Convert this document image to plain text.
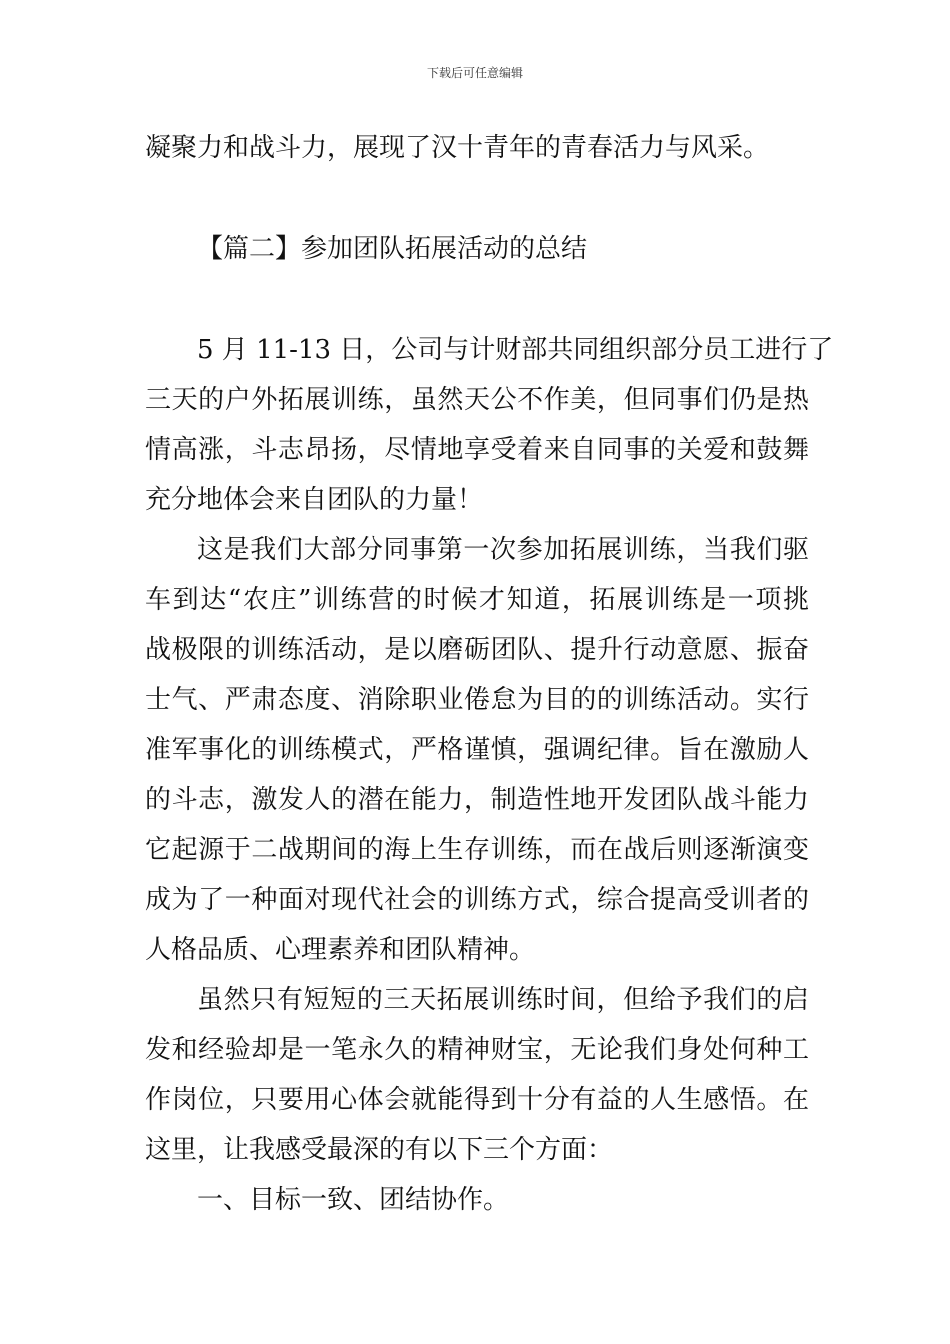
下载后可任意编辑
凝聚力和战斗力，展现了汉十青年的青春活力与风采。
【篇二】参加团队拓展活动的总结
5 月 11-13 日，公司与计财部共同组织部分员工进行了
三天的户外拓展训练，虽然天公不作美，但同事们仍是热
情高涨，斗志昂扬，尽情地享受着来自同事的关爱和鼓舞
充分地体会来自团队的力量！
这是我们大部分同事第一次参加拓展训练，当我们驱
车到达“农庄”训练营的时候才知道，拓展训练是一项挑
战极限的训练活动，是以磨砺团队、提升行动意愿、振奋
士气、严肃态度、消除职业倦怠为目的的训练活动。实行
准军事化的训练模式，严格谨慎，强调纪律。旨在激励人
的斗志，激发人的潜在能力，制造性地开发团队战斗能力
它起源于二战期间的海上生存训练，而在战后则逐渐演变
成为了一种面对现代社会的训练方式，综合提高受训者的
人格品质、心理素养和团队精神。
虽然只有短短的三天拓展训练时间，但给予我们的启
发和经验却是一笔永久的精神财宝，无论我们身处何种工
作岗位，只要用心体会就能得到十分有益的人生感悟。在
这里，让我感受最深的有以下三个方面：
一、目标一致、团结协作。
